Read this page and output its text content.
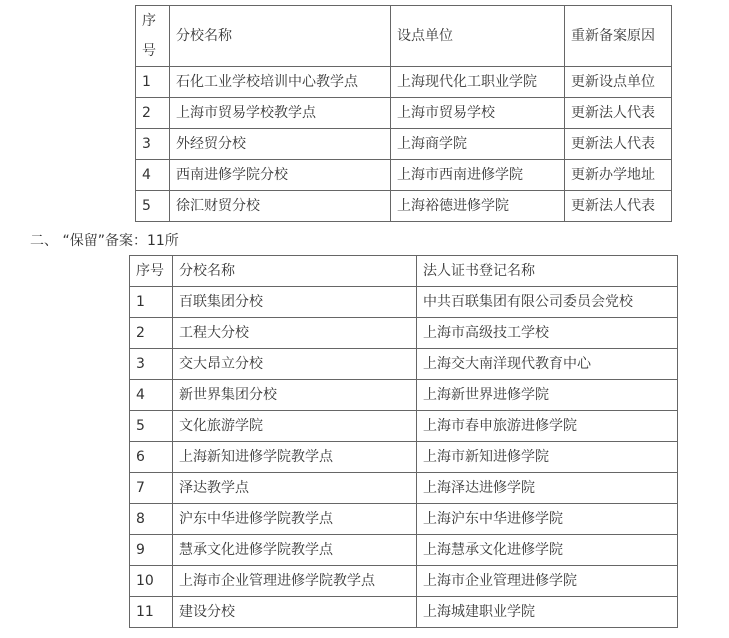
序号	分校名称	设点单位	重新备案原因
1	石化工业学校培训中心教学点	上海现代化工职业学院	更新设点单位
2	上海市贸易学校教学点	上海市贸易学校	更新法人代表
3	外经贸分校	上海商学院	更新法人代表
4	西南进修学院分校	上海市西南进修学院	更新办学地址
5	徐汇财贸分校	上海裕德进修学院	更新法人代表
二、 “保留”备案：11所
序号	分校名称	法人证书登记名称
1	百联集团分校	中共百联集团有限公司委员会党校
2	工程大分校	上海市高级技工学校
3	交大昂立分校	上海交大南洋现代教育中心
4	新世界集团分校	上海新世界进修学院
5	文化旅游学院	上海市春申旅游进修学院
6	上海新知进修学院教学点	上海市新知进修学院
7	泽达教学点	上海泽达进修学院
8	沪东中华进修学院教学点	上海沪东中华进修学院
9	慧承文化进修学院教学点	上海慧承文化进修学院
10	上海市企业管理进修学院教学点	上海市企业管理进修学院
11	建设分校	上海城建职业学院
